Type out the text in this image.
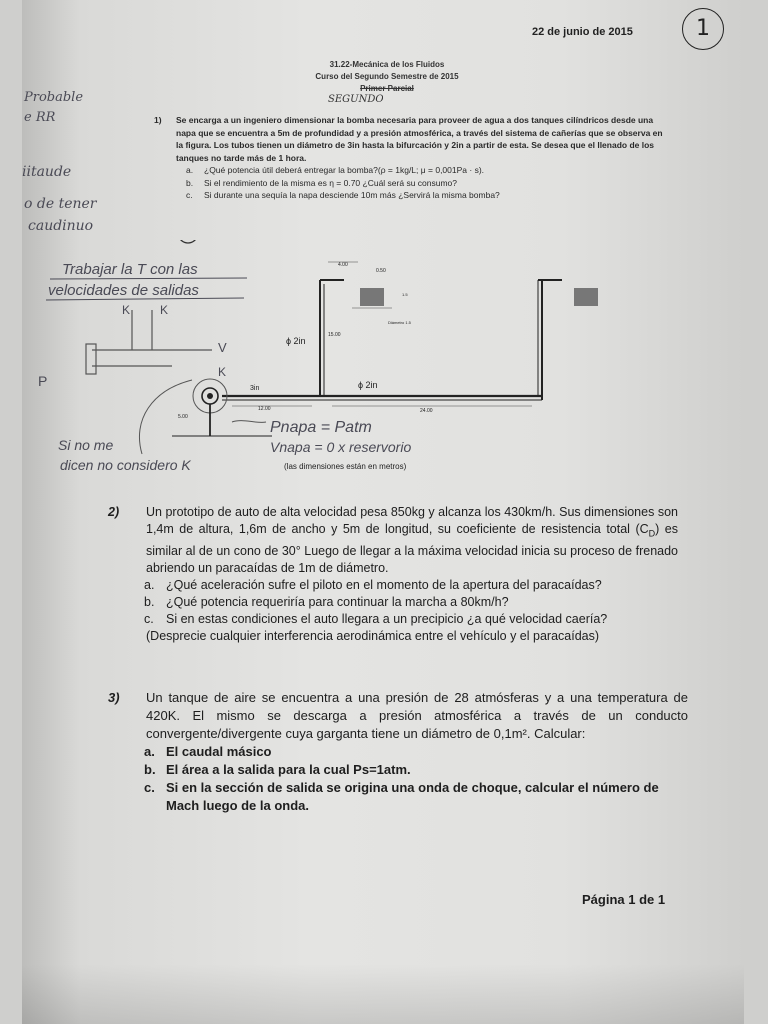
22 de junio de 2015	1
31.22-Mecánica de los Fluidos
Curso del Segundo Semestre de 2015
Primer Parcial
SEGUNDO
Probable
e RR
iitaude
o de tener
caudinuo
1) Se encarga a un ingeniero dimensionar la bomba necesaria para proveer de agua a dos tanques cilíndricos desde una napa que se encuentra a 5m de profundidad y a presión atmosférica, a través del sistema de cañerías que se observa en la figura. Los tubos tienen un diámetro de 3in hasta la bifurcación y 2in a partir de esta. Se desea que el llenado de los tanques no tarde más de 1 hora.
a. ¿Qué potencia útil deberá entregar la bomba?(ρ = 1kg/L; μ = 0,001Pa · s).
b. Si el rendimiento de la misma es η = 0.70 ¿Cuál será su consumo?
c. Si durante una sequía la napa desciende 10m más ¿Servirá la misma bomba?
Trabajar la T con las
velocidades de salidas
K K
V
P
K
ϕ 2in
ϕ 2in
3in
12.00	24.00
15.00
5.00
4.00
0.50
Diámetro 1.5
1.5
Pnapa = Patm
Vnapa = 0 x reservorio
Si no me
dicen no considero K	(las dimensiones están en metros)
2) Un prototipo de auto de alta velocidad pesa 850kg y alcanza los 430km/h. Sus dimensiones son 1,4m de altura, 1,6m de ancho y 5m de longitud, su coeficiente de resistencia total $(C_D)$ es similar al de un cono de 30° Luego de llegar a la máxima velocidad inicia su proceso de frenado abriendo un paracaídas de 1m de diámetro.
a. ¿Qué aceleración sufre el piloto en el momento de la apertura del paracaídas?
b. ¿Qué potencia requeriría para continuar la marcha a 80km/h?
c. Si en estas condiciones el auto llegara a un precipicio ¿a qué velocidad caería?
(Desprecie cualquier interferencia aerodinámica entre el vehículo y el paracaídas)
3) Un tanque de aire se encuentra a una presión de 28 atmósferas y a una temperatura de 420K. El mismo se descarga a presión atmosférica a través de un conducto convergente/divergente cuya garganta tiene un diámetro de 0,1m². Calcular:
a. El caudal másico
b. El área a la salida para la cual Ps=1atm.
c. Si en la sección de salida se origina una onda de choque, calcular el número de Mach luego de la onda.
Página 1 de 1
